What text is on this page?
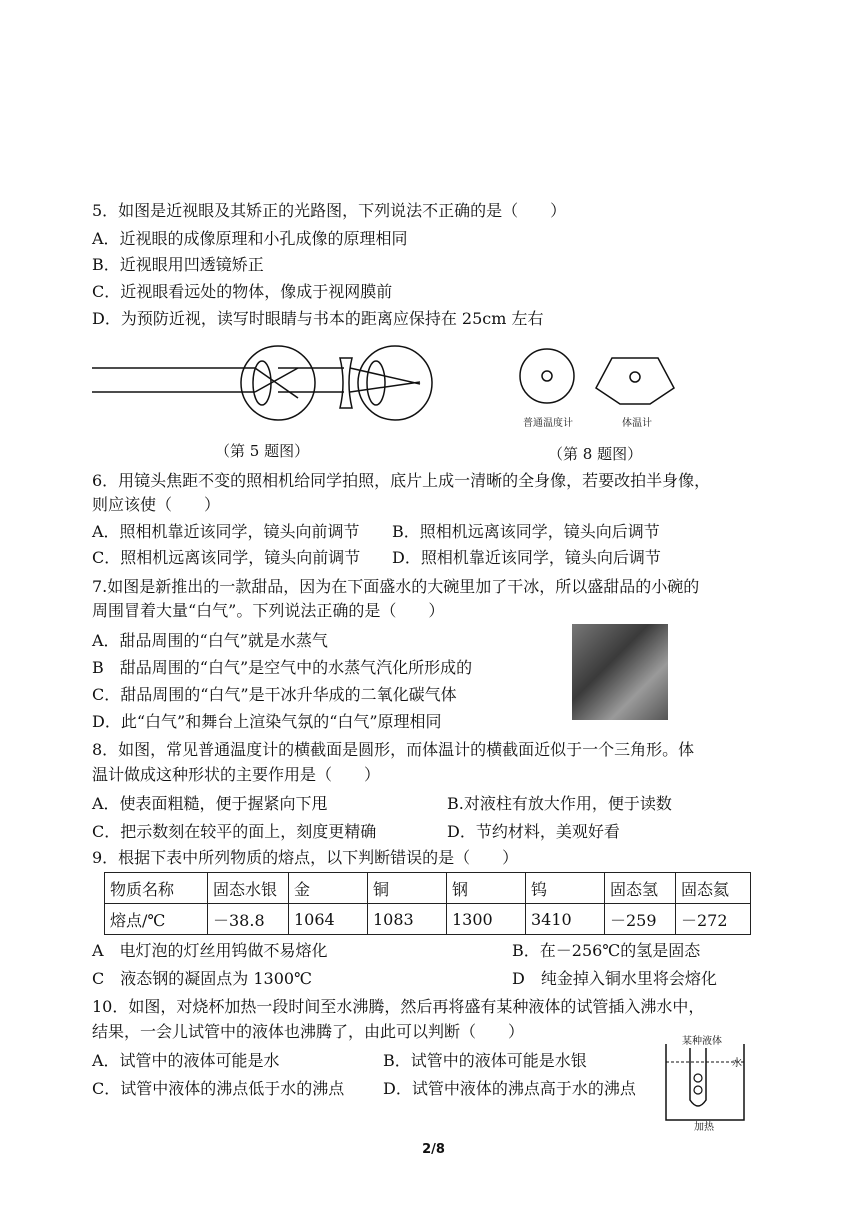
5．如图是近视眼及其矫正的光路图，下列说法不正确的是（　　）
A．近视眼的成像原理和小孔成像的原理相同
B．近视眼用凹透镜矫正
C．近视眼看远处的物体，像成于视网膜前
D．为预防近视，读写时眼睛与书本的距离应保持在 25cm 左右
普通温度计	体温计
（第 5 题图）	（第 8 题图）
6．用镜头焦距不变的照相机给同学拍照，底片上成一清晰的全身像，若要改拍半身像，
则应该使（　　）
A．照相机靠近该同学，镜头向前调节 B．照相机远离该同学，镜头向后调节
C．照相机远离该同学，镜头向前调节 D．照相机靠近该同学，镜头向后调节
7.如图是新推出的一款甜品，因为在下面盛水的大碗里加了干冰，所以盛甜品的小碗的
周围冒着大量“白气”。下列说法正确的是（　　）
A．甜品周围的“白气”就是水蒸气
B　甜品周围的“白气”是空气中的水蒸气汽化所形成的
C．甜品周围的“白气”是干冰升华成的二氧化碳气体
D．此“白气”和舞台上渲染气氛的“白气”原理相同
8．如图，常见普通温度计的横截面是圆形，而体温计的横截面近似于一个三角形。体
温计做成这种形状的主要作用是（　　）
A．使表面粗糙，便于握紧向下甩	B.对液柱有放大作用，便于读数
C．把示数刻在较平的面上，刻度更精确	D．节约材料，美观好看
9．根据下表中所列物质的熔点，以下判断错误的是（　　）
物质名称	固态水银	金	铜	钢	钨	固态氢	固态氦
熔点/℃	－38.8	1064	1083	1300	3410	－259	－272
A　电灯泡的灯丝用钨做不易熔化	B．在－256℃的氢是固态
C　液态钢的凝固点为 1300℃	D　纯金掉入铜水里将会熔化
10．如图，对烧杯加热一段时间至水沸腾，然后再将盛有某种液体的试管插入沸水中，
结果，一会儿试管中的液体也沸腾了，由此可以判断（　　）
A．试管中的液体可能是水	B．试管中的液体可能是水银
C．试管中液体的沸点低于水的沸点 D．试管中液体的沸点高于水的沸点
某种液体
水
加热
2/8
